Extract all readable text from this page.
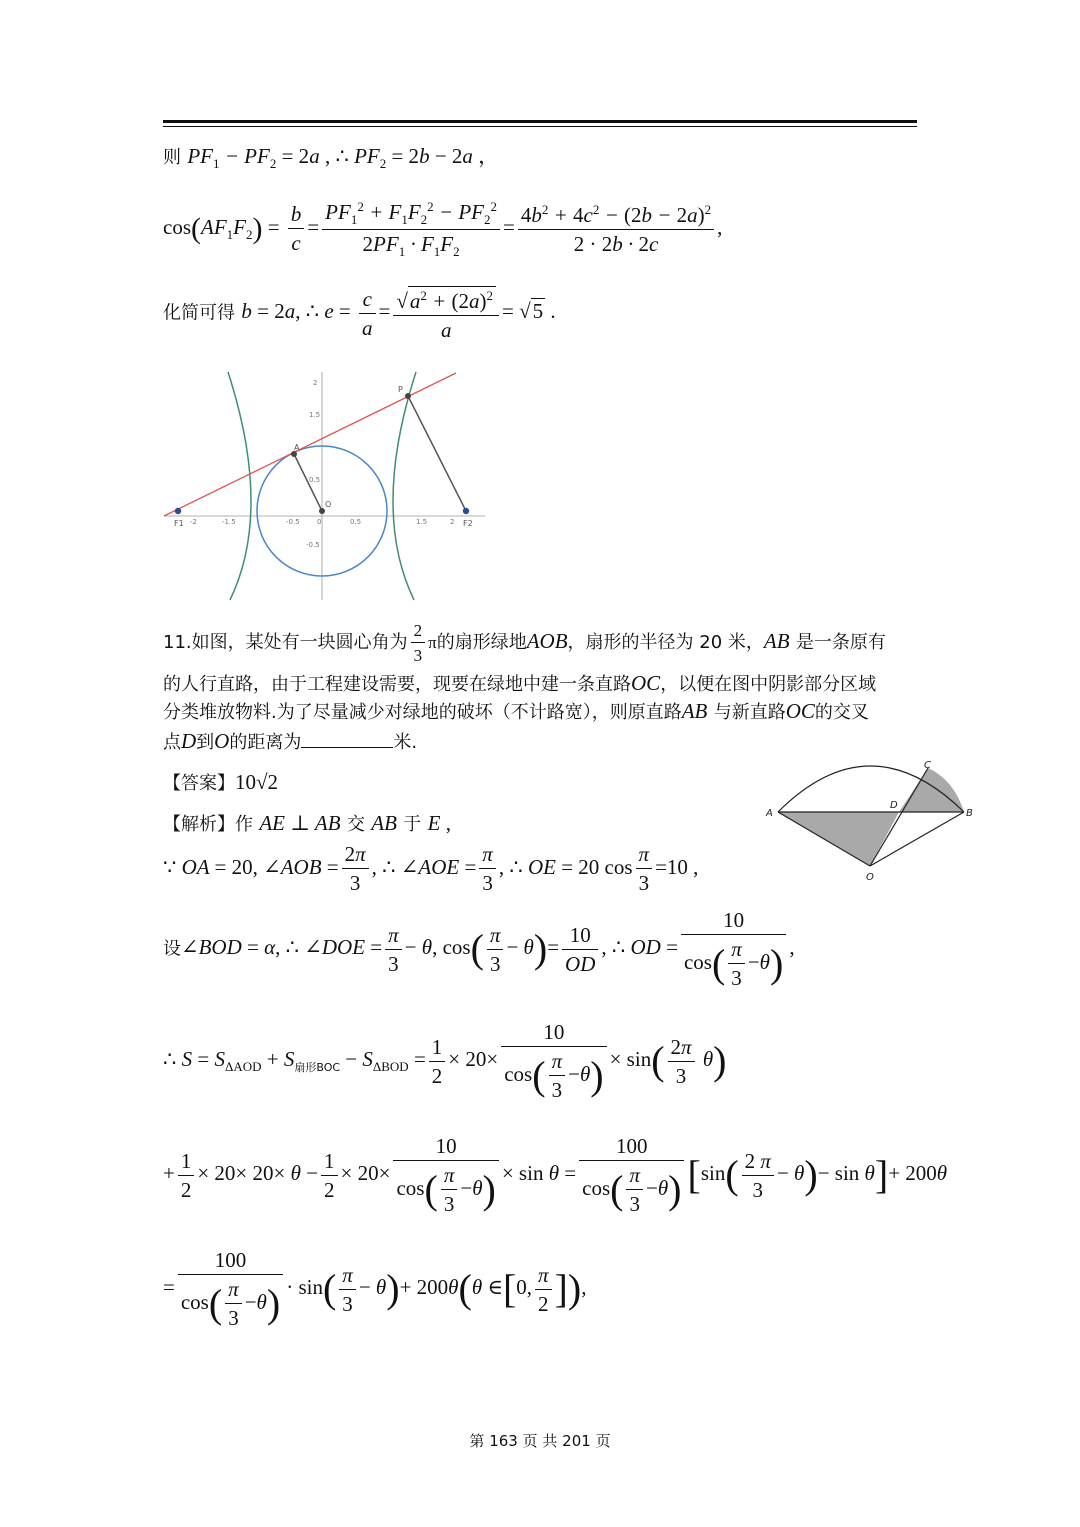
则 $PF_1 - PF_2 = 2a$ , ∴ $PF_2 = 2b - 2a$ ，
$\cos(AF_1F_2) = \frac{b}{c} = \frac{PF_1^2 + F_1F_2^2 - PF_2^2}{2PF_1 \cdot F_1F_2} = \frac{4b^2 + 4c^2 - (2b - 2a)^2}{2 \cdot 2b \cdot 2c}$ ,
化简可得 b = 2a, ∴ $e = \frac{c}{a} = \frac{√a^2 + (2a)^2}{a} = √5$ .
-2	-1.5	-0.5 0	0.5	1.5	2
2
1.5
0.5
-0.5
F1
A
O
P
F2
11.如图，某处有一块圆心角为 $\frac{2}{3}$ π的扇形绿地AOB，扇形的半径为 20 米，AB 是一条原有
的人行直路，由于工程建设需要，现要在绿地中建一条直路OC，以便在图中阴影部分区域
分类堆放物料.为了尽量减少对绿地的破坏（不计路宽），则原直路AB 与新直路OC的交叉
点D到O的距离为	米.
【答案】10√2
【解析】作 AE ⊥ AB 交 AB 于 E ,
∵ OA = 20, ∠AOB = $\frac{2\pi}{3}$ , ∴ ∠AOE = $\frac{\pi}{3}$ , ∴ OE = 20 $\cos \frac{\pi}{3} =10$ ,
设∠BOD = α, ∴ ∠DOE = $\frac{\pi}{3} - \theta$, $\cos( \frac{\pi}{3} - \theta)= \frac{10}{OD}$ , ∴ OD = $\frac{10}{\cos( \frac{\pi}{3} -\theta)}$ ,
∴ $S = S_{\Delta AOD} + S_{扇形BOC} - S_{\Delta BOD} = \frac{1}{2} \times 20\times \frac{10}{\cos( \frac{\pi}{3} -\theta)} \times \sin( \frac{2\pi}{3} \theta)$
+ $\frac{1}{2} \times 20\times 20\times \theta - \frac{1}{2} \times 20\times \frac{10}{\cos( \frac{\pi}{3} -\theta)} \times \sin \theta = \frac{100}{\cos( \frac{\pi}{3} -\theta)} [\sin( \frac{2 \pi}{3} - \theta)- \sin \theta]+ 200\theta$
= $\frac{100}{\cos( \frac{\pi}{3} -\theta)} \cdot \sin( \frac{\pi}{3} - \theta)+ 200\theta(\theta$ ∈[0, $\frac{\pi}{2}$ ]),
A	B
C
D
O
第 163 页 共 201 页
